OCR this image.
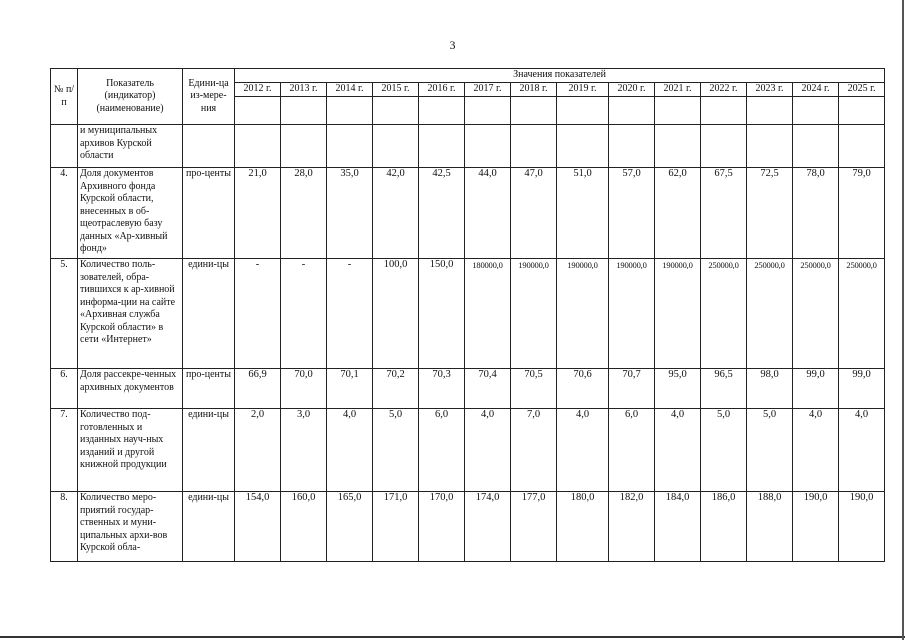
3
№ п/п	Показатель (индикатор) (наименование)	Едини-ца из-мере-ния	Значения показателей													
			2012 г.	2013 г.	2014 г.	2015 г.	2016 г.	2017 г.	2018 г.	2019 г.	2020 г.	2021 г.	2022 г.	2023 г.	2024 г.	2025 г.

	и муниципальных архивов Курской области															
4.	Доля документов Архивного фонда Курской области, внесенных в об-щеотраслевую базу данных «Ар-хивный фонд»	про-центы	21,0	28,0	35,0	42,0	42,5	44,0	47,0	51,0	57,0	62,0	67,5	72,5	78,0	79,0
5.	Количество поль-зователей, обра-тившихся к ар-хивной информа-ции на сайте «Архивная служба Курской области» в сети «Интернет»	едини-цы	-	-	-	100,0	150,0	180000,0	190000,0	190000,0	190000,0	190000,0	250000,0	250000,0	250000,0	250000,0
6.	Доля рассекре-ченных архивных документов	про-центы	66,9	70,0	70,1	70,2	70,3	70,4	70,5	70,6	70,7	95,0	96,5	98,0	99,0	99,0
7.	Количество под-готовленных и изданных науч-ных изданий и другой книжной продукции	едини-цы	2,0	3,0	4,0	5,0	6,0	4,0	7,0	4,0	6,0	4,0	5,0	5,0	4,0	4,0
8.	Количество меро-приятий государ-ственных и муни-ципальных архи-вов Курской обла-	едини-цы	154,0	160,0	165,0	171,0	170,0	174,0	177,0	180,0	182,0	184,0	186,0	188,0	190,0	190,0
